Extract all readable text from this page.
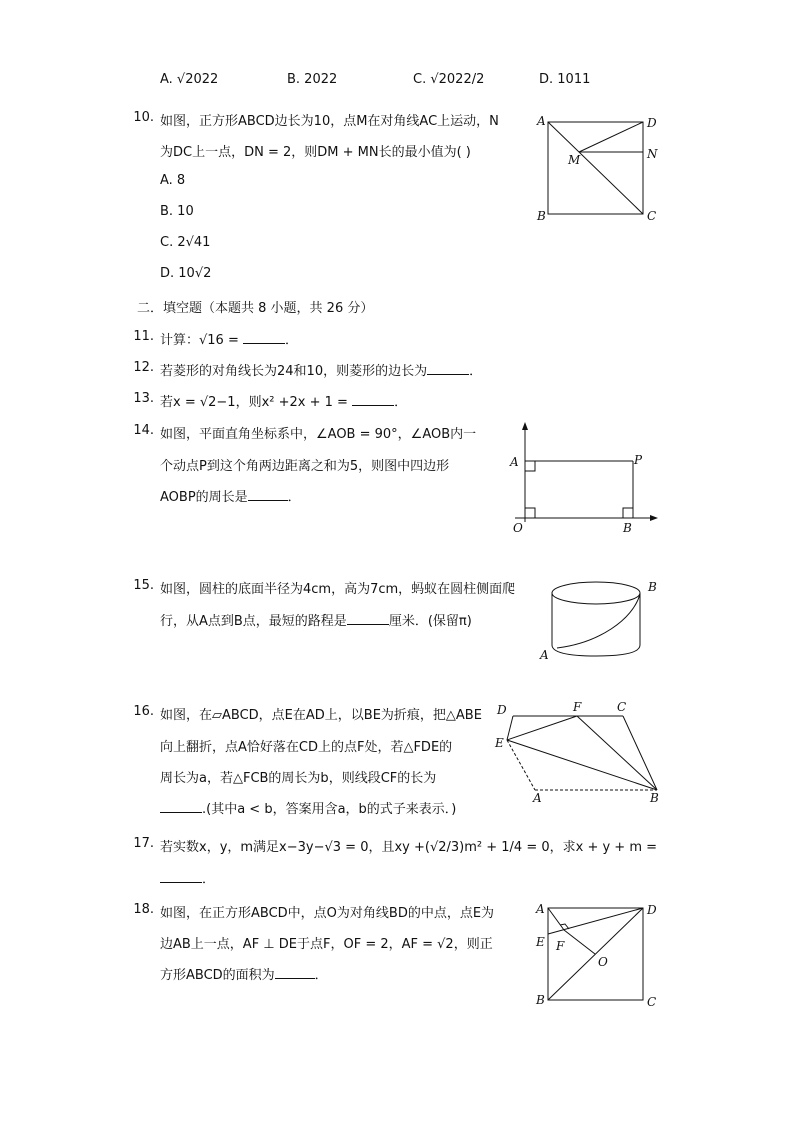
A. √2022	B. 2022	C. √2022/2	D. 1011
10. 如图，正方形ABCD边长为10，点M在对角线AC上运动，N
为DC上一点，DN = 2，则DM + MN长的最小值为( )
A. 8
B. 10
C. 2√41
D. 10√2
A	D
N
M
B	C
二．填空题（本题共 8 小题，共 26 分）
11. 计算：√16 =	．
12. 若菱形的对角线长为24和10，则菱形的边长为	．
13. 若x = √2−1，则x² +2x + 1 =	．
14. 如图，平面直角坐标系中，∠AOB = 90°，∠AOB内一
个动点P到这个角两边距离之和为5，则图中四边形
AOBP的周长是	．
A	P
O	B
15. 如图，圆柱的底面半径为4cm，高为7cm，蚂蚁在圆柱侧面爬
行，从A点到B点，最短的路程是	厘米．(保留π)
A
B
16. 如图，在▱ABCD，点E在AD上，以BE为折痕，把△ABE
向上翻折，点A恰好落在CD上的点F处，若△FDE的
周长为a，若△FCB的周长为b，则线段CF的长为
.(其中a < b，答案用含a，b的式子来表示．)
D	F	C
E
A	B
17. 若实数x，y，m满足x−3y−√3 = 0，且xy +(√2/3)m² + 1/4 = 0，求x + y + m =
．
18. 如图，在正方形ABCD中，点O为对角线BD的中点，点E为
边AB上一点，AF ⊥ DE于点F，OF = 2，AF = √2，则正
方形ABCD的面积为	．
A	D
E F
O
B	C
